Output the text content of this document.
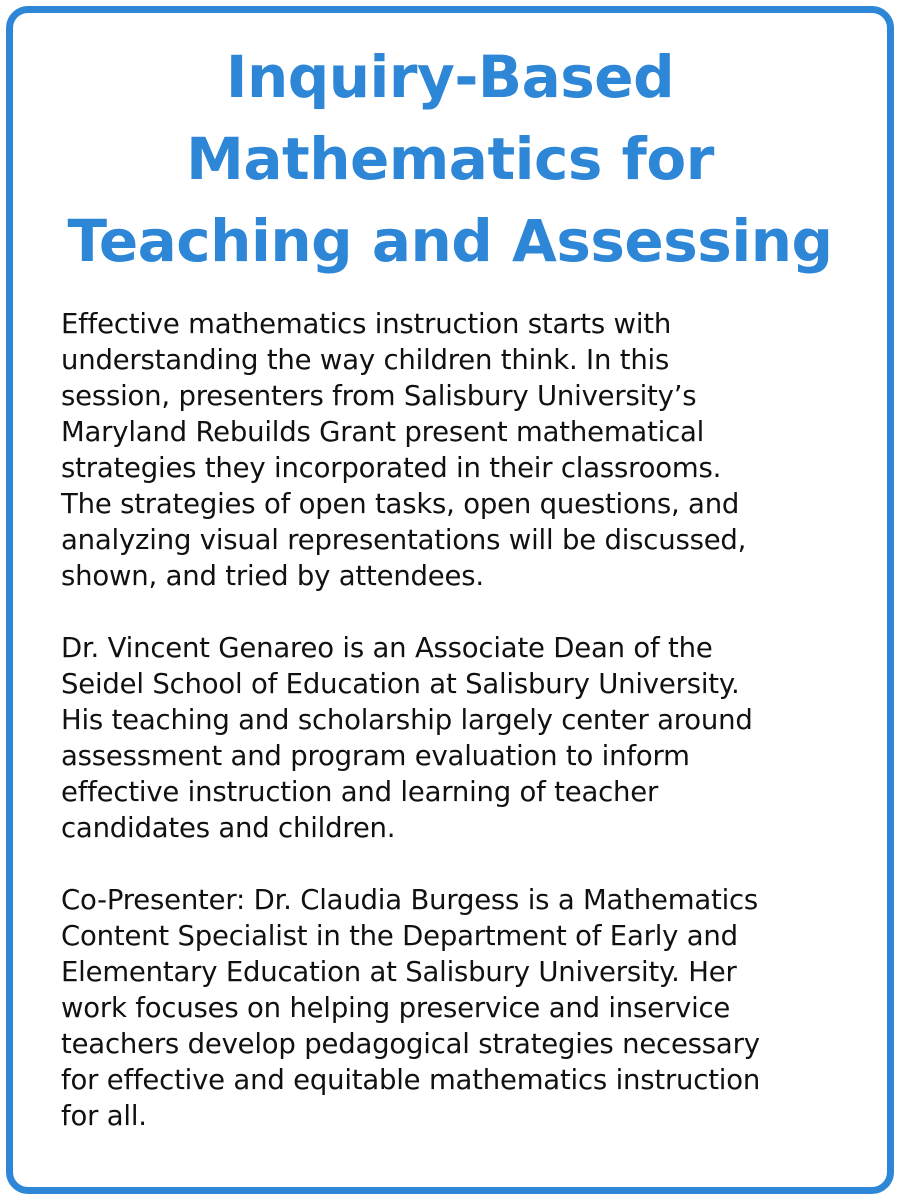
Inquiry-Based
Mathematics for
Teaching and Assessing

Effective mathematics instruction starts with
understanding the way children think. In this
session, presenters from Salisbury University’s
Maryland Rebuilds Grant present mathematical
strategies they incorporated in their classrooms.
The strategies of open tasks, open questions, and
analyzing visual representations will be discussed,
shown, and tried by attendees.

Dr. Vincent Genareo is an Associate Dean of the
Seidel School of Education at Salisbury University.
His teaching and scholarship largely center around
assessment and program evaluation to inform
effective instruction and learning of teacher
candidates and children.

Co-Presenter: Dr. Claudia Burgess is a Mathematics
Content Specialist in the Department of Early and
Elementary Education at Salisbury University. Her
work focuses on helping preservice and inservice
teachers develop pedagogical strategies necessary
for effective and equitable mathematics instruction
for all.
